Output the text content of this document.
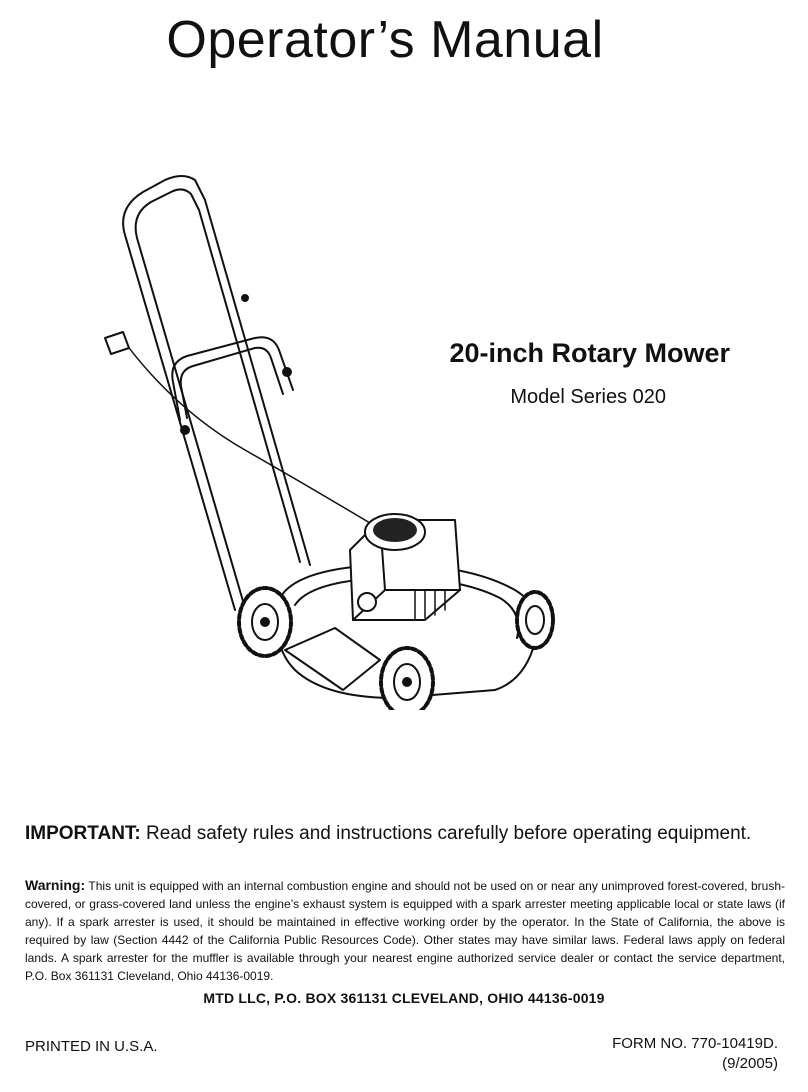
Operator’s Manual
20-inch Rotary Mower
Model Series 020
IMPORTANT: Read safety rules and instructions carefully before operating equipment.
Warning: This unit is equipped with an internal combustion engine and should not be used on or near any unimproved forest-covered, brush-covered, or grass-covered land unless the engine’s exhaust system is equipped with a spark arrester meeting applicable local or state laws (if any). If a spark arrester is used, it should be maintained in effective working order by the operator. In the State of California, the above is required by law (Section 4442 of the California Public Resources Code). Other states may have similar laws. Federal laws apply on federal lands. A spark arrester for the muffler is available through your nearest engine authorized service dealer or contact the service department, P.O. Box 361131 Cleveland, Ohio 44136-0019.
MTD LLC, P.O. BOX 361131 CLEVELAND, OHIO 44136-0019
PRINTED IN U.S.A.	FORM NO. 770-10419D.
(9/2005)
